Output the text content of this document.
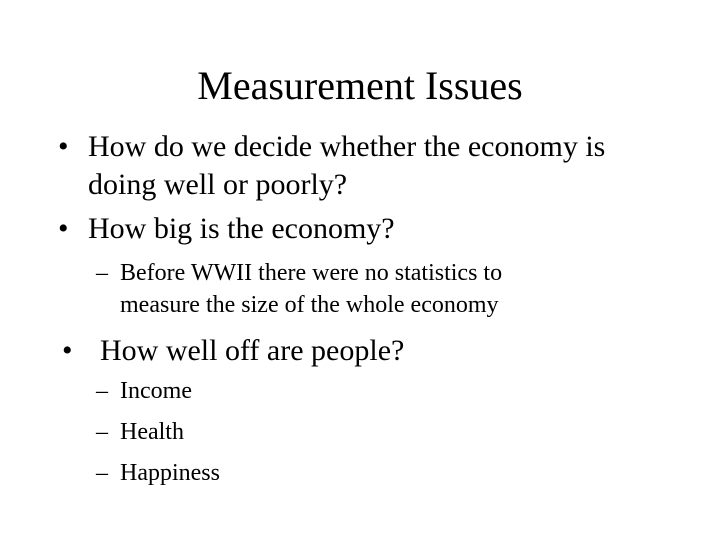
Measurement Issues
• How do we decide whether the economy is
doing well or poorly?
• How big is the economy?
– Before WWII there were no statistics to
measure the size of the whole economy
• How well off are people?
– Income
– Health
– Happiness
